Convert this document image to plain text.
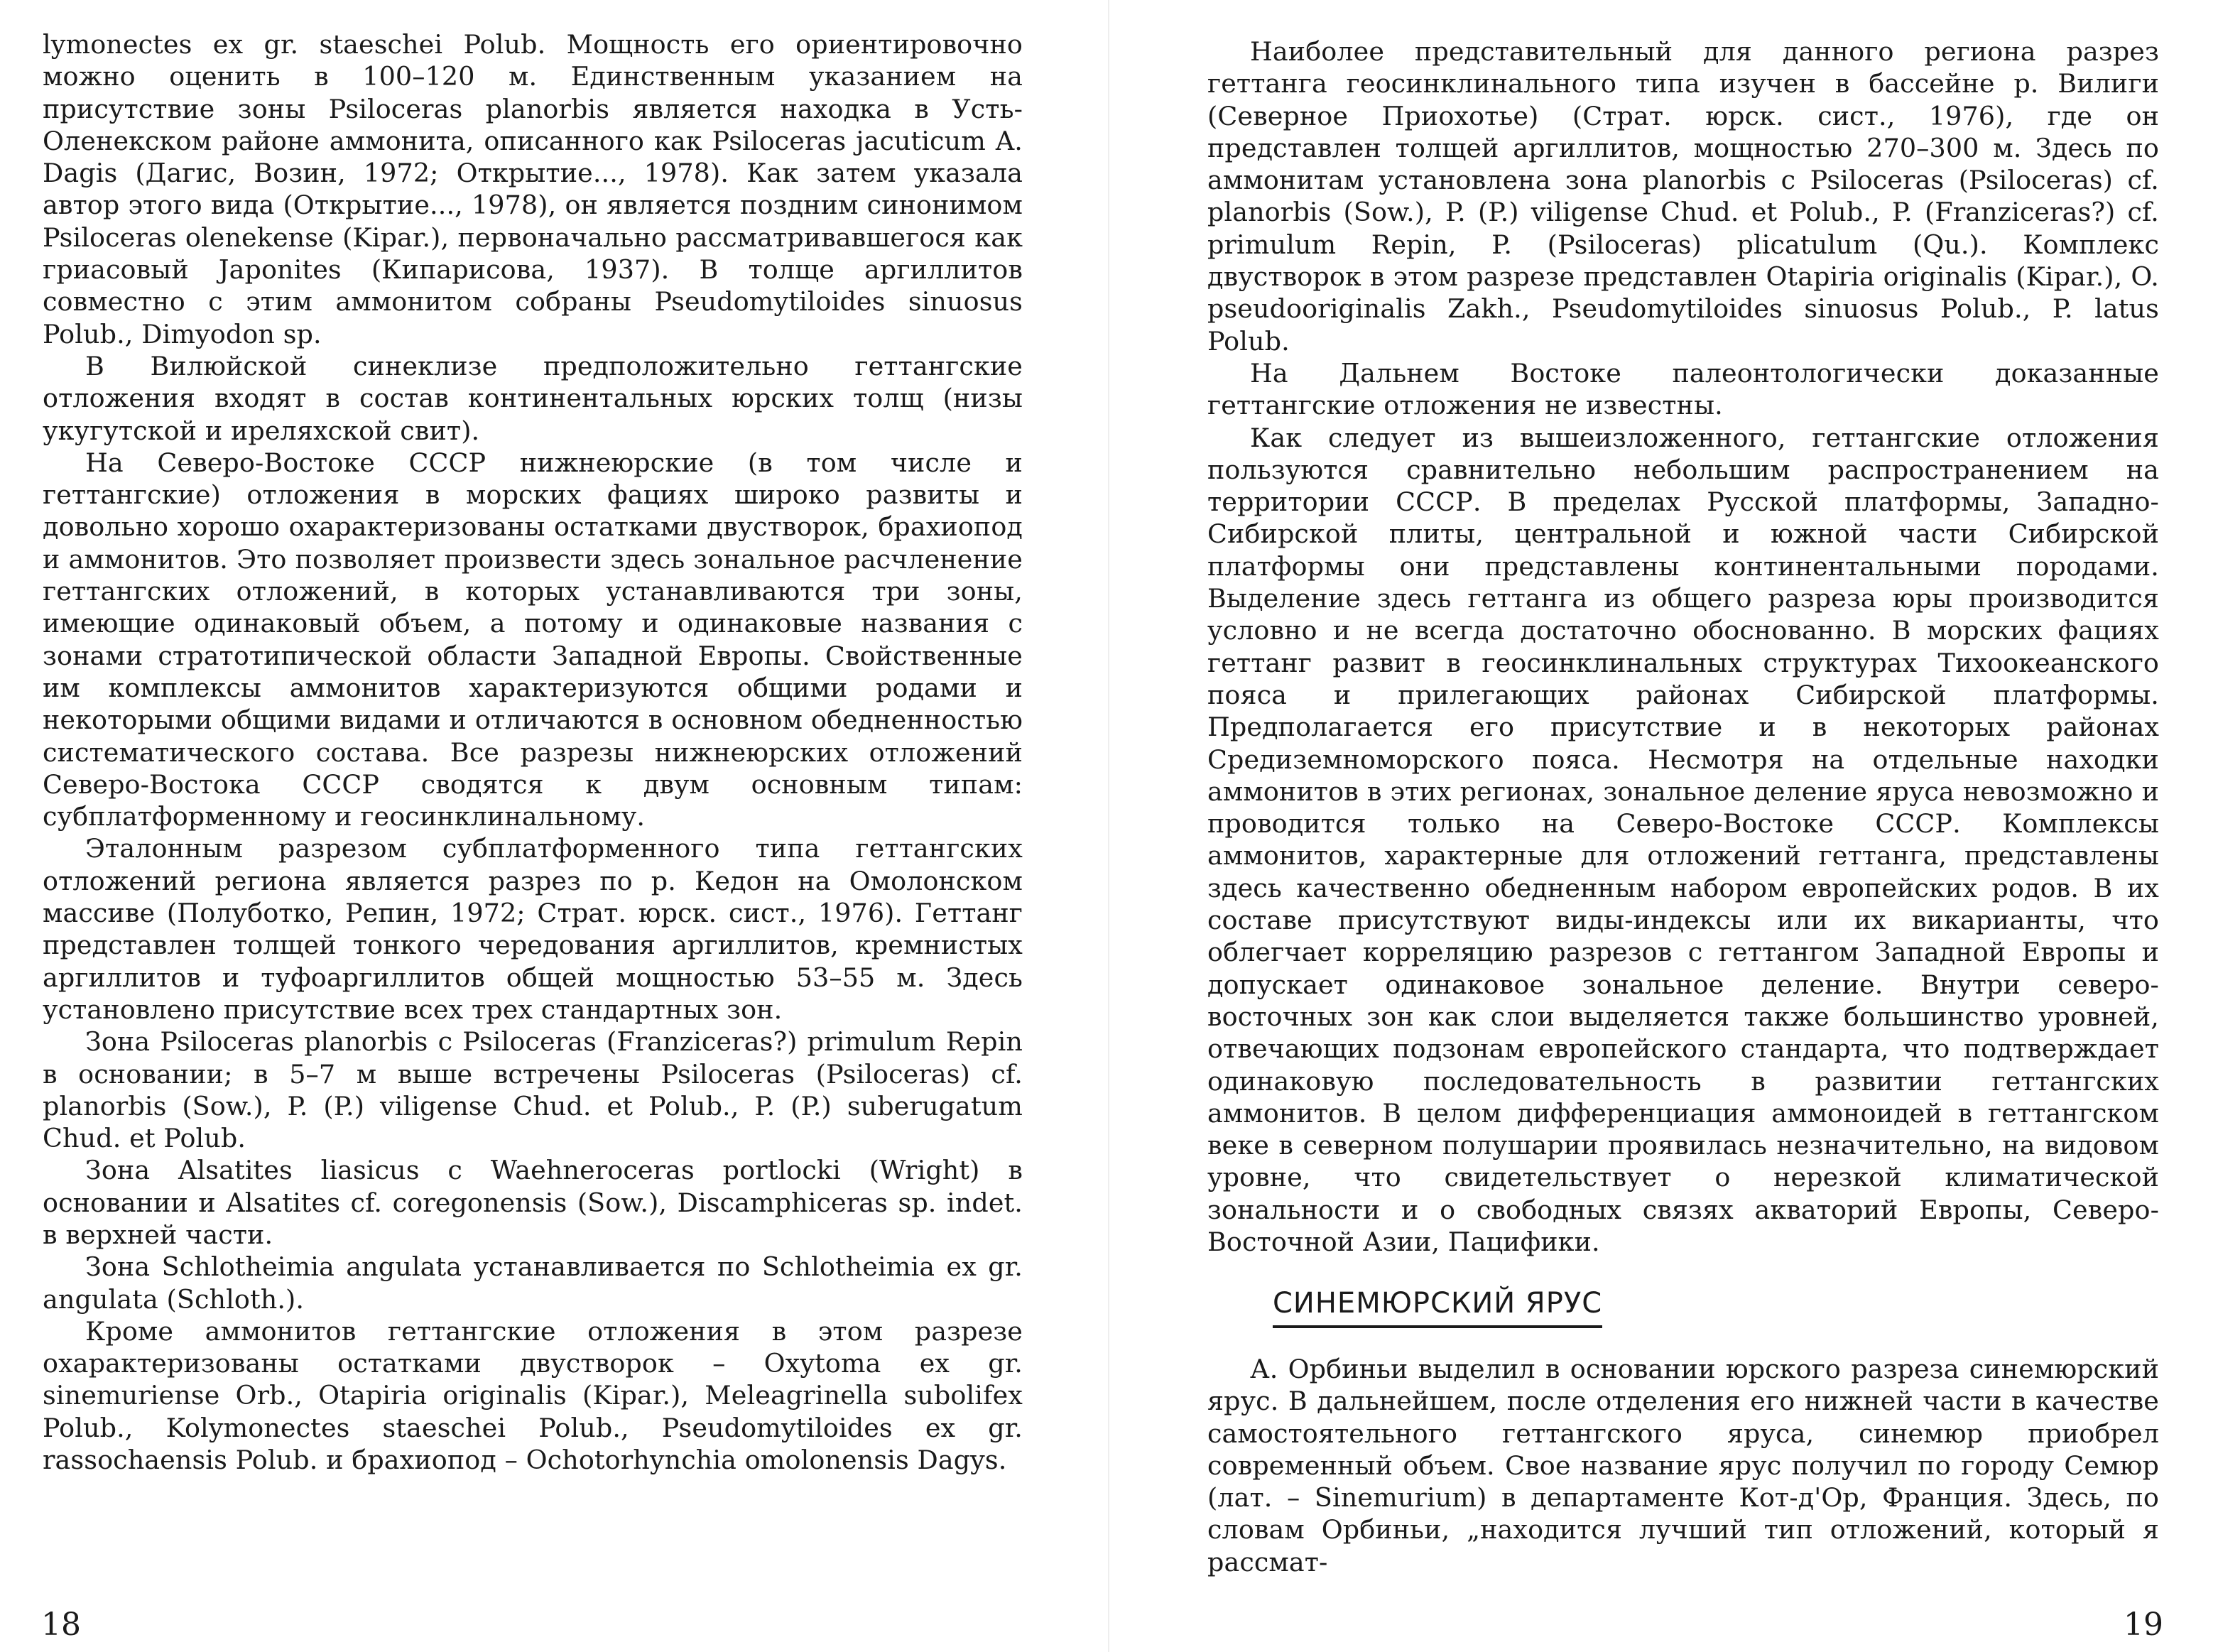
lymonectes ex gr. staeschei Polub. Мощность его ориентировочно можно оценить в 100–120 м. Единственным указанием на присутствие зоны Psiloceras planorbis является находка в Усть-Оленекском районе аммонита, описанного как Psiloceras jacuticum A. Dagis (Дагис, Возин, 1972; Открытие..., 1978). Как затем указала автор этого вида (Открытие..., 1978), он является поздним синонимом Psiloceras olenekense (Kipar.), первоначально рассматривавшегося как гриасовый Japonites (Кипарисова, 1937). В толще аргиллитов совместно с этим аммонитом собраны Pseudomytiloides sinuosus Polub., Dimyodon sp.

В Вилюйской синеклизе предположительно геттангские отложения входят в состав континентальных юрских толщ (низы укугутской и иреляхской свит).

На Северо-Востоке СССР нижнеюрские (в том числе и геттангские) отложения в морских фациях широко развиты и довольно хорошо охарактеризованы остатками двустворок, брахиопод и аммонитов. Это позволяет произвести здесь зональное расчленение геттангских отложений, в которых устанавливаются три зоны, имеющие одинаковый объем, а потому и одинаковые названия с зонами стратотипической области Западной Европы. Свойственные им комплексы аммонитов характеризуются общими родами и некоторыми общими видами и отличаются в основном обедненностью систематического состава. Все разрезы нижнеюрских отложений Северо-Востока СССР сводятся к двум основным типам: субплатформенному и геосинклинальному.

Эталонным разрезом субплатформенного типа геттангских отложений региона является разрез по р. Кедон на Омолонском массиве (Полуботко, Репин, 1972; Страт. юрск. сист., 1976). Геттанг представлен толщей тонкого чередования аргиллитов, кремнистых аргиллитов и туфоаргиллитов общей мощностью 53–55 м. Здесь установлено присутствие всех трех стандартных зон.

Зона Psiloceras planorbis с Psiloceras (Franziceras?) primulum Repin в основании; в 5–7 м выше встречены Psiloceras (Psiloceras) cf. planorbis (Sow.), P. (P.) viligense Chud. et Polub., P. (P.) suberugatum Chud. et Polub.

Зона Alsatites liasicus с Waehneroceras portlocki (Wright) в основании и Alsatites cf. coregonensis (Sow.), Discamphiceras sp. indet. в верхней части.

Зона Schlotheimia angulata устанавливается по Schlotheimia ex gr. angulata (Schloth.).

Кроме аммонитов геттангские отложения в этом разрезе охарактеризованы остатками двустворок – Oxytoma ex gr. sinemuriense Orb., Otapiria originalis (Kipar.), Meleagrinella subolifex Polub., Kolymonectes staeschei Polub., Pseudomytiloides ex gr. rassochaensis Polub. и брахиопод – Ochotorhynchia omolonensis Dagys.

18

Наиболее представительный для данного региона разрез геттанга геосинклинального типа изучен в бассейне р. Вилиги (Северное Приохотье) (Страт. юрск. сист., 1976), где он представлен толщей аргиллитов, мощностью 270–300 м. Здесь по аммонитам установлена зона planorbis с Psiloceras (Psiloceras) cf. planorbis (Sow.), P. (P.) viligense Chud. et Polub., P. (Franziceras?) cf. primulum Repin, P. (Psiloceras) plicatulum (Qu.). Комплекс двустворок в этом разрезе представлен Otapiria originalis (Kipar.), O. pseudooriginalis Zakh., Pseudomytiloides sinuosus Polub., P. latus Polub.

На Дальнем Востоке палеонтологически доказанные геттангские отложения не известны.

Как следует из вышеизложенного, геттангские отложения пользуются сравнительно небольшим распространением на территории СССР. В пределах Русской платформы, Западно-Сибирской плиты, центральной и южной части Сибирской платформы они представлены континентальными породами. Выделение здесь геттанга из общего разреза юры производится условно и не всегда достаточно обоснованно. В морских фациях геттанг развит в геосинклинальных структурах Тихоокеанского пояса и прилегающих районах Сибирской платформы. Предполагается его присутствие и в некоторых районах Средиземноморского пояса. Несмотря на отдельные находки аммонитов в этих регионах, зональное деление яруса невозможно и проводится только на Северо-Востоке СССР. Комплексы аммонитов, характерные для отложений геттанга, представлены здесь качественно обедненным набором европейских родов. В их составе присутствуют виды-индексы или их викарианты, что облегчает корреляцию разрезов с геттангом Западной Европы и допускает одинаковое зональное деление. Внутри северо-восточных зон как слои выделяется также большинство уровней, отвечающих подзонам европейского стандарта, что подтверждает одинаковую последовательность в развитии геттангских аммонитов. В целом дифференциация аммоноидей в геттангском веке в северном полушарии проявилась незначительно, на видовом уровне, что свидетельствует о нерезкой климатической зональности и о свободных связях акваторий Европы, Северо-Восточной Азии, Пацифики.

СИНЕМЮРСКИЙ ЯРУС

А. Орбиньи выделил в основании юрского разреза синемюрский ярус. В дальнейшем, после отделения его нижней части в качестве самостоятельного геттангского яруса, синемюр приобрел современный объем. Свое название ярус получил по городу Семюр (лат. – Sinemurium) в департаменте Кот-д'Ор, Франция. Здесь, по словам Орбиньи, „находится лучший тип отложений, который я рассмат-

19
